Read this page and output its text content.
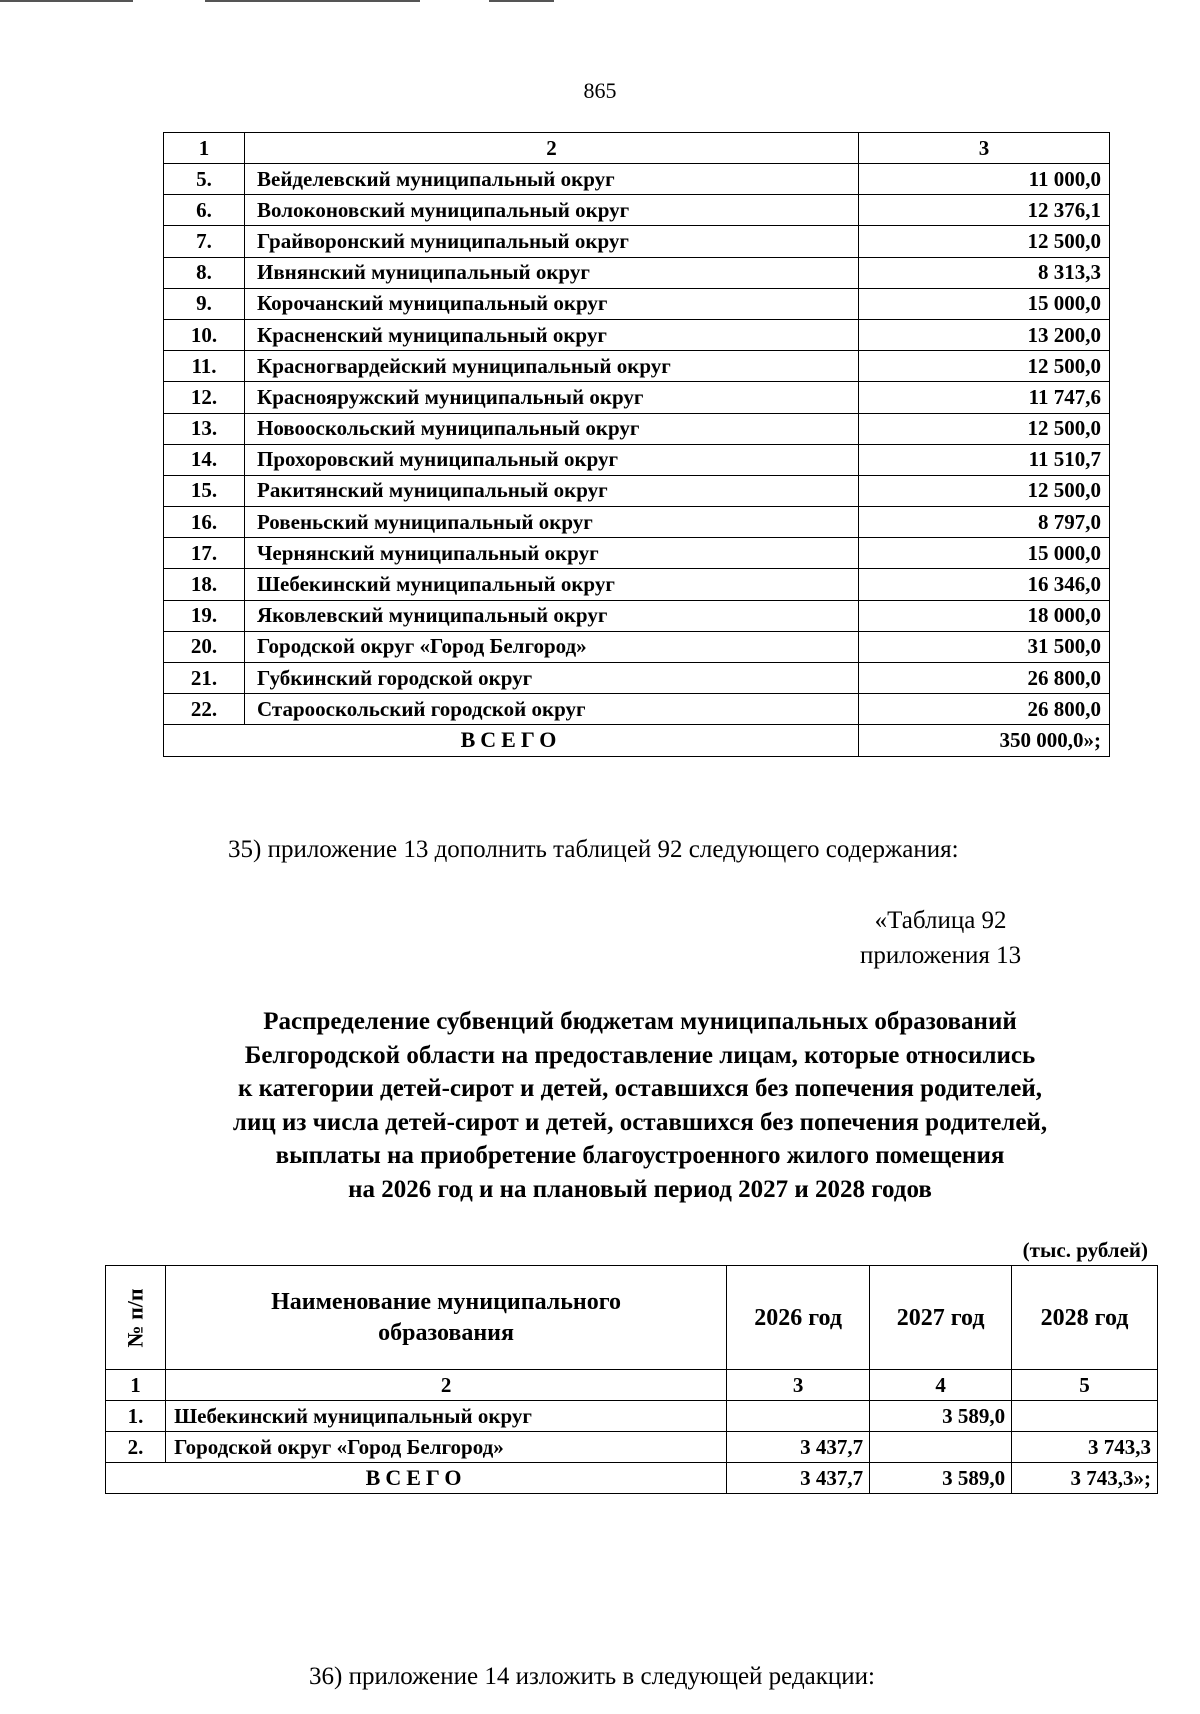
865
1	2	3
5.	Вейделевский муниципальный округ	11 000,0
6.	Волоконовский муниципальный округ	12 376,1
7.	Грайворонский муниципальный округ	12 500,0
8.	Ивнянский муниципальный округ	8 313,3
9.	Корочанский муниципальный округ	15 000,0
10.	Красненский муниципальный округ	13 200,0
11.	Красногвардейский муниципальный округ	12 500,0
12.	Краснояружский муниципальный округ	11 747,6
13.	Новооскольский муниципальный округ	12 500,0
14.	Прохоровский муниципальный округ	11 510,7
15.	Ракитянский муниципальный округ	12 500,0
16.	Ровеньский муниципальный округ	8 797,0
17.	Чернянский муниципальный округ	15 000,0
18.	Шебекинский муниципальный округ	16 346,0
19.	Яковлевский муниципальный округ	18 000,0
20.	Городской округ «Город Белгород»	31 500,0
21.	Губкинский городской округ	26 800,0
22.	Старооскольский городской округ	26 800,0
ВСЕГО		350 000,0»;
35) приложение 13 дополнить таблицей 92 следующего содержания:
«Таблица 92
приложения 13
Распределение субвенций бюджетам муниципальных образований
Белгородской области на предоставление лицам, которые относились
к категории детей-сирот и детей, оставшихся без попечения родителей,
лиц из числа детей-сирот и детей, оставшихся без попечения родителей,
выплаты на приобретение благоустроенного жилого помещения
на 2026 год и на плановый период 2027 и 2028 годов
(тыс. рублей)
№ п/п	Наименование муниципального
образования	2026 год	2027 год	2028 год
1	2	3	4	5
1.	Шебекинский муниципальный округ		3 589,0	
2.	Городской округ «Город Белгород»	3 437,7		3 743,3
ВСЕГО		3 437,7	3 589,0	3 743,3»;
36) приложение 14 изложить в следующей редакции:
